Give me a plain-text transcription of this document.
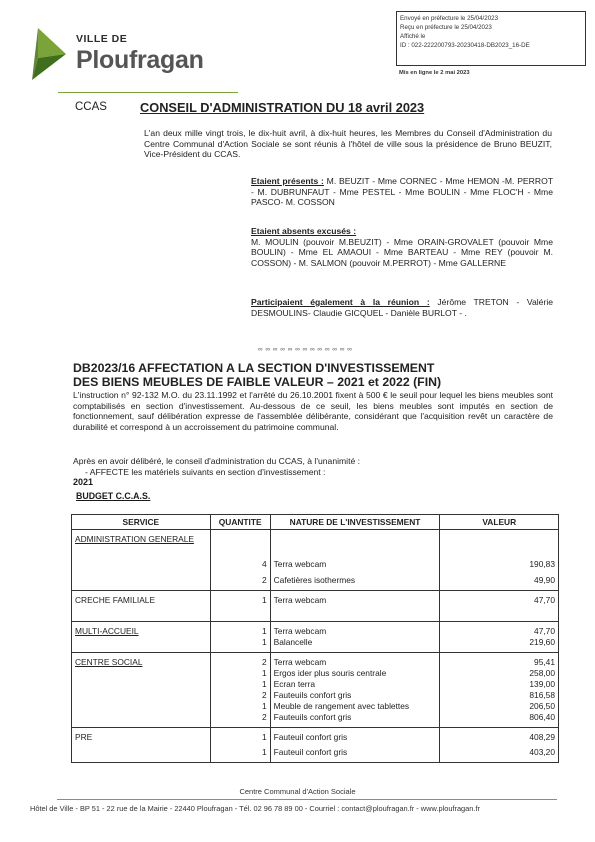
VILLE DE
Ploufragan
Envoyé en préfecture le 25/04/2023
Reçu en préfecture le 25/04/2023
Affiché le
ID : 022-222200793-20230418-DB2023_16-DE
Mis en ligne le 2 mai 2023
CCAS	CONSEIL D'ADMINISTRATION DU 18 avril 2023
L'an deux mille vingt trois, le dix-huit avril, à dix-huit heures, les Membres du Conseil d'Administration du Centre Communal d'Action Sociale se sont réunis à l'hôtel de ville sous la présidence de Bruno BEUZIT, Vice-Président du CCAS.
Etaient présents : M. BEUZIT - Mme CORNEC - Mme HEMON -M. PERROT - M. DUBRUNFAUT - Mme PESTEL - Mme BOULIN - Mme FLOC'H - Mme PASCO- M. COSSON
Etaient absents excusés :
M. MOULIN (pouvoir M.BEUZIT) - Mme ORAIN-GROVALET (pouvoir Mme BOULIN) - Mme EL AMAOUI - Mme BARTEAU - Mme REY (pouvoir M. COSSON) - M. SALMON (pouvoir M.PERROT) - Mme GALLERNE
Participaient également à la réunion : Jérôme TRETON - Valérie DESMOULINS- Claudie GICQUEL - Danièle BURLOT - .
∞ ∞ ∞ ∞ ∞ ∞ ∞ ∞ ∞ ∞ ∞ ∞ ∞
DB2023/16 AFFECTATION A LA SECTION D'INVESTISSEMENT
DES BIENS MEUBLES DE FAIBLE VALEUR – 2021 et 2022 (FIN)
L'instruction n° 92-132 M.O. du 23.11.1992 et l'arrêté du 26.10.2001 fixent à 500 € le seuil pour lequel les biens meubles sont comptabilisés en section d'investissement. Au-dessous de ce seuil, les biens meubles sont imputés en section de fonctionnement, sauf délibération expresse de l'assemblée délibérante, considérant que l'acquisition revêt un caractère de durabilité et correspond à un accroissement du patrimoine communal.
Après en avoir délibéré, le conseil d'administration du CCAS, à l'unanimité :
- AFFECTE les matériels suivants en section d'investissement :
2021
BUDGET C.C.A.S.
SERVICE	QUANTITE	NATURE DE L'INVESTISSEMENT	VALEUR
ADMINISTRATION GENERALE			
	4	Terra webcam	190,83
	2	Cafetières isothermes	49,90
CRECHE FAMILIALE	1	Terra webcam	47,70
MULTI-ACCUEIL	1	Terra webcam	47,70
	1	Balancelle	219,60
CENTRE SOCIAL	2	Terra webcam	95,41
	1	Ergos ider plus souris centrale	258,00
	1	Ecran terra	139,00
	2	Fauteuils confort gris	816,58
	1	Meuble de rangement avec tablettes	206,50
	2	Fauteuils confort gris	806,40
PRE	1	Fauteuil confort gris	408,29
	1	Fauteuil confort gris	403,20
Centre Communal d'Action Sociale
Hôtel de Ville - BP 51 - 22 rue de la Mairie - 22440 Ploufragan - Tél. 02 96 78 89 00 - Courriel : contact@ploufragan.fr - www.ploufragan.fr
